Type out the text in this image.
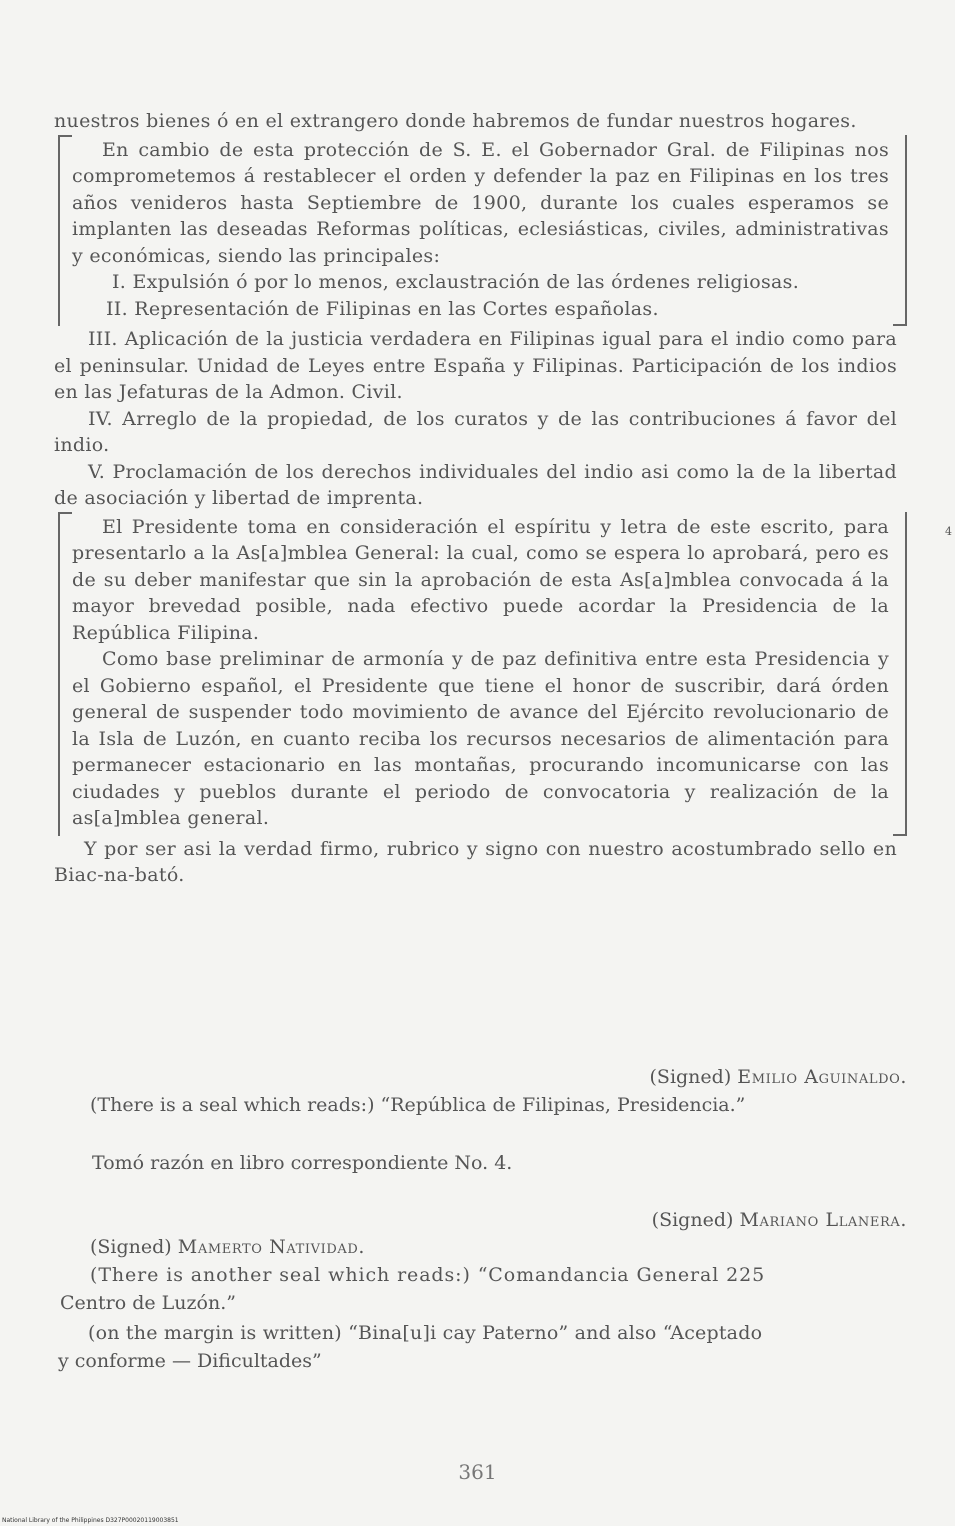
nuestros bienes ó en el extrangero donde habremos de fundar nuestros hogares.

En cambio de esta protección de S. E. el Gobernador Gral. de Filipinas nos comprometemos á restablecer el orden y defender la paz en Filipinas en los tres años venideros hasta Septiembre de 1900, durante los cuales esperamos se implanten las deseadas Reformas políticas, eclesiásticas, civiles, administrativas y económicas, siendo las principales:

I. Expulsión ó por lo menos, exclaustración de las órdenes religiosas.

II. Representación de Filipinas en las Cortes españolas.

III. Aplicación de la justicia verdadera en Filipinas igual para el indio como para el peninsular. Unidad de Leyes entre España y Filipinas. Participación de los indios en las Jefaturas de la Admon. Civil.

IV. Arreglo de la propiedad, de los curatos y de las contribuciones á favor del indio.

V. Proclamación de los derechos individuales del indio asi como la de la libertad de asociación y libertad de imprenta.

El Presidente toma en consideración el espíritu y letra de este escrito, para presentarlo a la As[a]mblea General: la cual, como se espera lo aprobará, pero es de su deber manifestar que sin la aprobación de esta As[a]mblea convocada á la mayor brevedad posible, nada efectivo puede acordar la Presidencia de la República Filipina.

Como base preliminar de armonía y de paz definitiva entre esta Presidencia y el Gobierno español, el Presidente que tiene el honor de suscribir, dará órden general de suspender todo movimiento de avance del Ejército revolucionario de la Isla de Luzón, en cuanto reciba los recursos necesarios de alimentación para permanecer estacionario en las montañas, procurando incomunicarse con las ciudades y pueblos durante el periodo de convocatoria y realización de la as[a]mblea general.

Y por ser asi la verdad firmo, rubrico y signo con nuestro acostumbrado sello en Biac-na-bató.

(Signed) Emilio Aguinaldo.
(There is a seal which reads:) “República de Filipinas, Presidencia.”
Tomó razón en libro correspondiente No. 4.
(Signed) Mariano Llanera.
(Signed) Mamerto Natividad.
(There is another seal which reads:) “Comandancia General 225
Centro de Luzón.”
(on the margin is written) “Bina[u]i cay Paterno” and also “Aceptado
y conforme — Dificultades”
4
361
National Library of the Philippines D327P00020119003851
